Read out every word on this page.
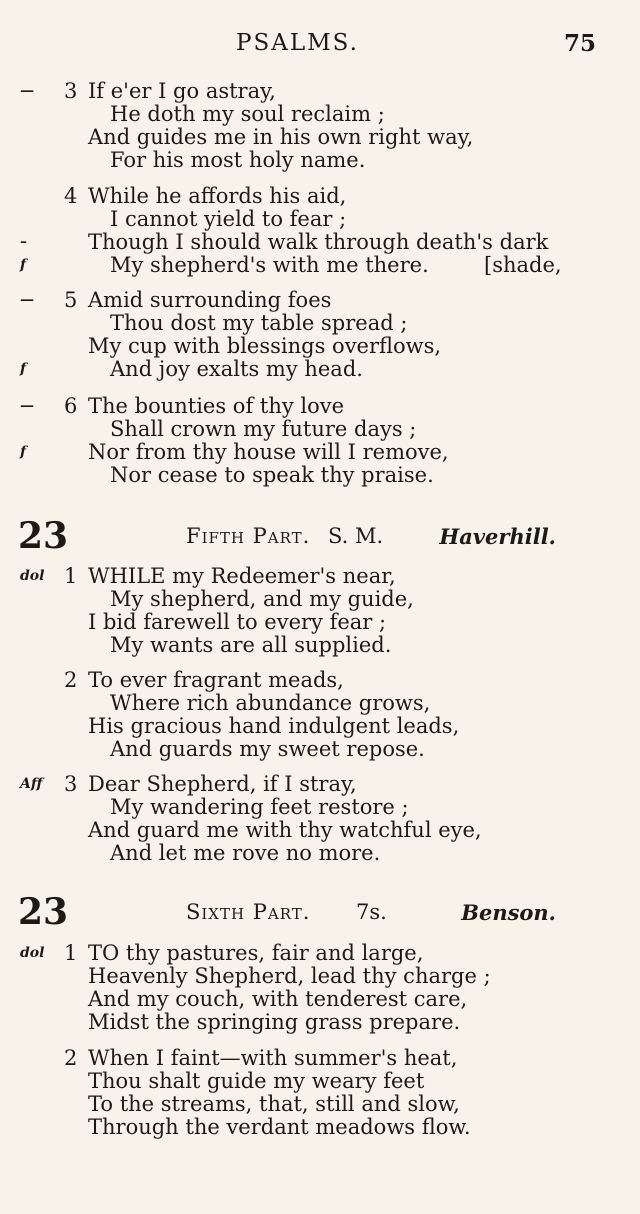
PSALMS.	75
— 3 If e'er I go astray,
He doth my soul reclaim ;
And guides me in his own right way,
For his most holy name.
4 While he affords his aid,
I cannot yield to fear ;
–	Though I should walk through death's dark
f	My shepherd's with me there.	[shade,
— 5 Amid surrounding foes
Thou dost my table spread ;
My cup with blessings overflows,
f	And joy exalts my head.
— 6 The bounties of thy love
Shall crown my future days ;
f	Nor from thy house will I remove,
Nor cease to speak thy praise.
23	Fifth Part. S. M.	Haverhill.
dol 1 WHILE my Redeemer's near,
My shepherd, and my guide,
I bid farewell to every fear ;
My wants are all supplied.
2 To ever fragrant meads,
Where rich abundance grows,
His gracious hand indulgent leads,
And guards my sweet repose.
Aff 3 Dear Shepherd, if I stray,
My wandering feet restore ;
And guard me with thy watchful eye,
And let me rove no more.
23	Sixth Part. 7s.	Benson.
dol 1 TO thy pastures, fair and large,
Heavenly Shepherd, lead thy charge ;
And my couch, with tenderest care,
Midst the springing grass prepare.
2 When I faint—with summer's heat,
Thou shalt guide my weary feet
To the streams, that, still and slow,
Through the verdant meadows flow.
